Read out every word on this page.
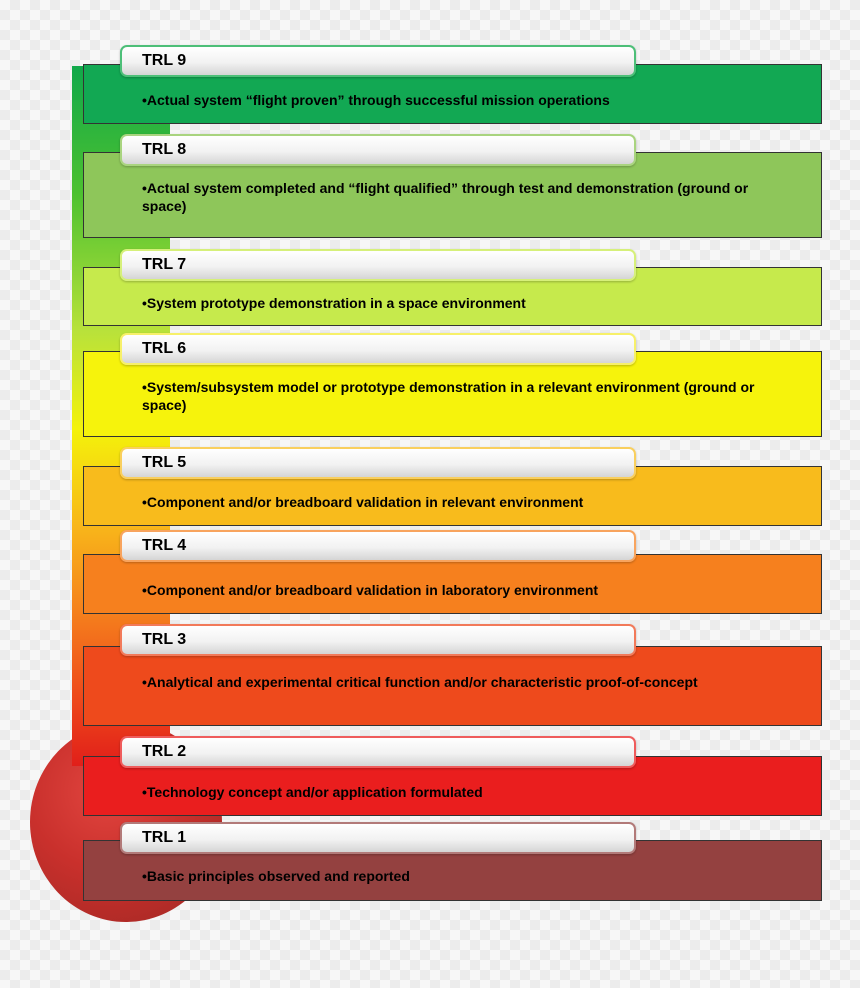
•Actual system “flight proven” through successful mission operations
TRL 9
•Actual system completed and “flight qualified” through test and demonstration (ground or space)
TRL 8
•System prototype demonstration in a space environment
TRL 7
•System/subsystem model or prototype demonstration in a relevant environment (ground or space)
TRL 6
•Component and/or breadboard validation in relevant environment
TRL 5
•Component and/or breadboard validation in laboratory environment
TRL 4
•Analytical and experimental critical function and/or characteristic proof-of-concept
TRL 3
•Technology concept and/or application formulated
TRL 2
•Basic principles observed and reported
TRL 1
